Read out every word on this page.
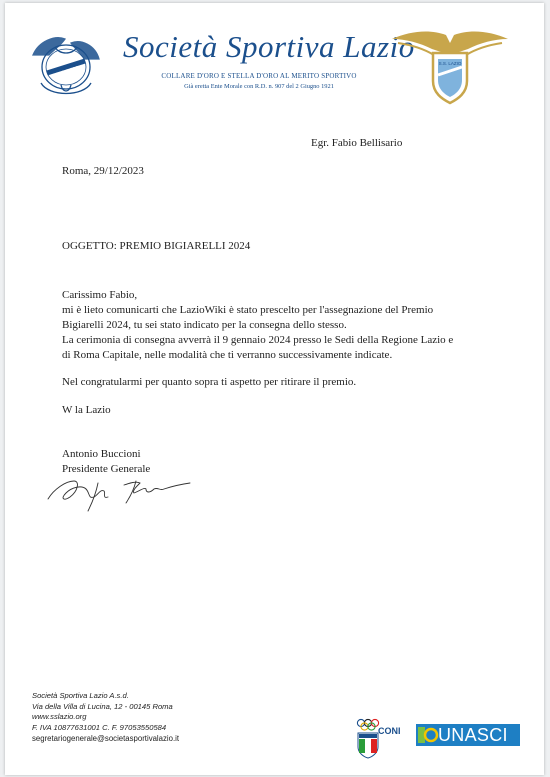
S.S. LAZIO
Società Sportiva Lazio
COLLARE D'ORO E STELLA D'ORO AL MERITO SPORTIVO
Già eretta Ente Morale con R.D. n. 907 del 2 Giugno 1921
S.S. LAZIO
Egr. Fabio Bellisario
Roma, 29/12/2023
OGGETTO: PREMIO BIGIARELLI 2024
Carissimo Fabio,
mi è lieto comunicarti che LazioWiki è stato prescelto per l'assegnazione del Premio
Bigiarelli 2024, tu sei stato indicato per la consegna dello stesso.
La cerimonia di consegna avverrà il 9 gennaio 2024 presso le Sedi della Regione Lazio e
di Roma Capitale, nelle modalità che ti verranno successivamente indicate.
Nel congratularmi per quanto sopra ti aspetto per ritirare il premio.
W la Lazio
Antonio Buccioni
Presidente Generale
Società Sportiva Lazio A.s.d.
Via della Villa di Lucina, 12 - 00145 Roma
www.sslazio.org
F. IVA 10877631001 C. F. 97053550584
segretariogenerale@societasportivalazio.it
CONI UNASCI
